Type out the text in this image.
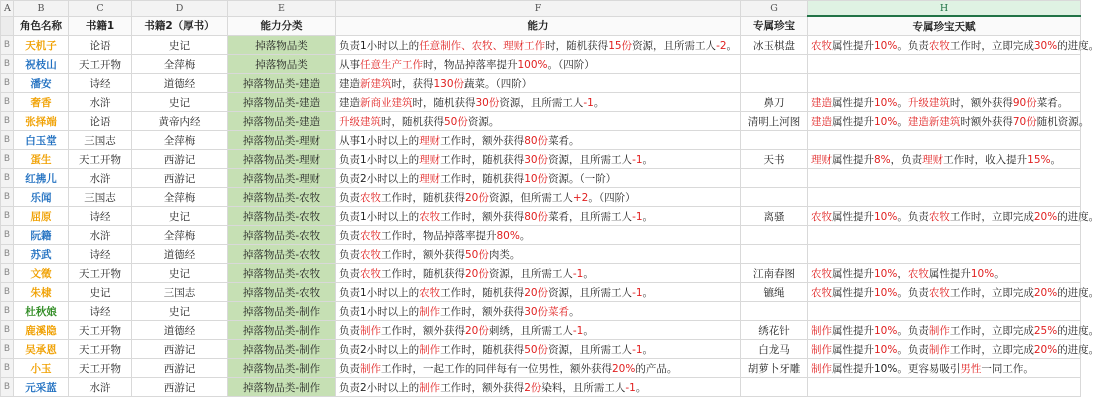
A	B	C	D	E	F	G	H
	角色名称	书籍1	书籍2（厚书）	能力分类	能力	专属珍宝	专属珍宝天赋
B	天机子	论语	史记	掉落物品类	负责1小时以上的任意制作、农牧、理财工作时，随机获得15份资源，且所需工人-2。	冰玉棋盘	农牧属性提升10%。负责农牧工作时，立即完成30%的进度。
B	祝枝山	天工开物	全萍梅	掉落物品类	从事任意生产工作时，物品掉落率提升100%。（四阶）		
B	潘安	诗经	道德经	掉落物品类-建造	建造新建筑时，获得130份蔬菜。（四阶）		
B	奢香	水浒	史记	掉落物品类-建造	建造新商业建筑时，随机获得30份资源，且所需工人-1。	鼻刀	建造属性提升10%。升级建筑时，额外获得90份菜肴。
B	张择端	论语	黄帝内经	掉落物品类-建造	升级建筑时，随机获得50份资源。	清明上河图	建造属性提升10%。建造新建筑时额外获得70份随机资源。
B	白玉堂	三国志	全萍梅	掉落物品类-理财	从事1小时以上的理财工作时，额外获得80份菜肴。		
B	蛋生	天工开物	西游记	掉落物品类-理财	负责1小时以上的理财工作时，随机获得30份资源，且所需工人-1。	天书	理财属性提升8%，负责理财工作时，收入提升15%。
B	红拂儿	水浒	西游记	掉落物品类-理财	负责2小时以上的理财工作时，随机获得10份资源。（一阶）		
B	乐闻	三国志	全萍梅	掉落物品类-农牧	负责农牧工作时，随机获得20份资源，但所需工人+2。（四阶）		
B	屈原	诗经	史记	掉落物品类-农牧	负责1小时以上的农牧工作时，额外获得80份菜肴，且所需工人-1。	离骚	农牧属性提升10%。负责农牧工作时，立即完成20%的进度。
B	阮籍	水浒	全萍梅	掉落物品类-农牧	负责农牧工作时，物品掉落率提升80%。		
B	苏武	诗经	道德经	掉落物品类-农牧	负责农牧工作时，额外获得50份肉类。		
B	文徵	天工开物	史记	掉落物品类-农牧	负责农牧工作时，随机获得20份资源，且所需工人-1。	江南春图	农牧属性提升10%，农牧属性提升10%。
B	朱棣	史记	三国志	掉落物品类-农牧	负责1小时以上的农牧工作时，随机获得20份资源，且所需工人-1。	镳绳	农牧属性提升10%。负责农牧工作时，立即完成20%的进度。
B	杜秋娘	诗经	史记	掉落物品类-制作	负责1小时以上的制作工作时，额外获得30份菜肴。		
B	鹿溪隐	天工开物	道德经	掉落物品类-制作	负责制作工作时，额外获得20份刺绣，且所需工人-1。	绣花针	制作属性提升10%。负责制作工作时，立即完成25%的进度。
B	吴承恩	天工开物	西游记	掉落物品类-制作	负责2小时以上的制作工作时，随机获得50份资源，且所需工人-1。	白龙马	制作属性提升10%。负责制作工作时，立即完成20%的进度。
B	小玉	天工开物	西游记	掉落物品类-制作	负责制作工作时，一起工作的同伴每有一位男性，额外获得20%的产品。	胡萝卜牙雕	制作属性提升10%。更容易吸引男性一同工作。
B	元采蓝	水浒	西游记	掉落物品类-制作	负责2小时以上的制作工作时，额外获得2份染料，且所需工人-1。		
